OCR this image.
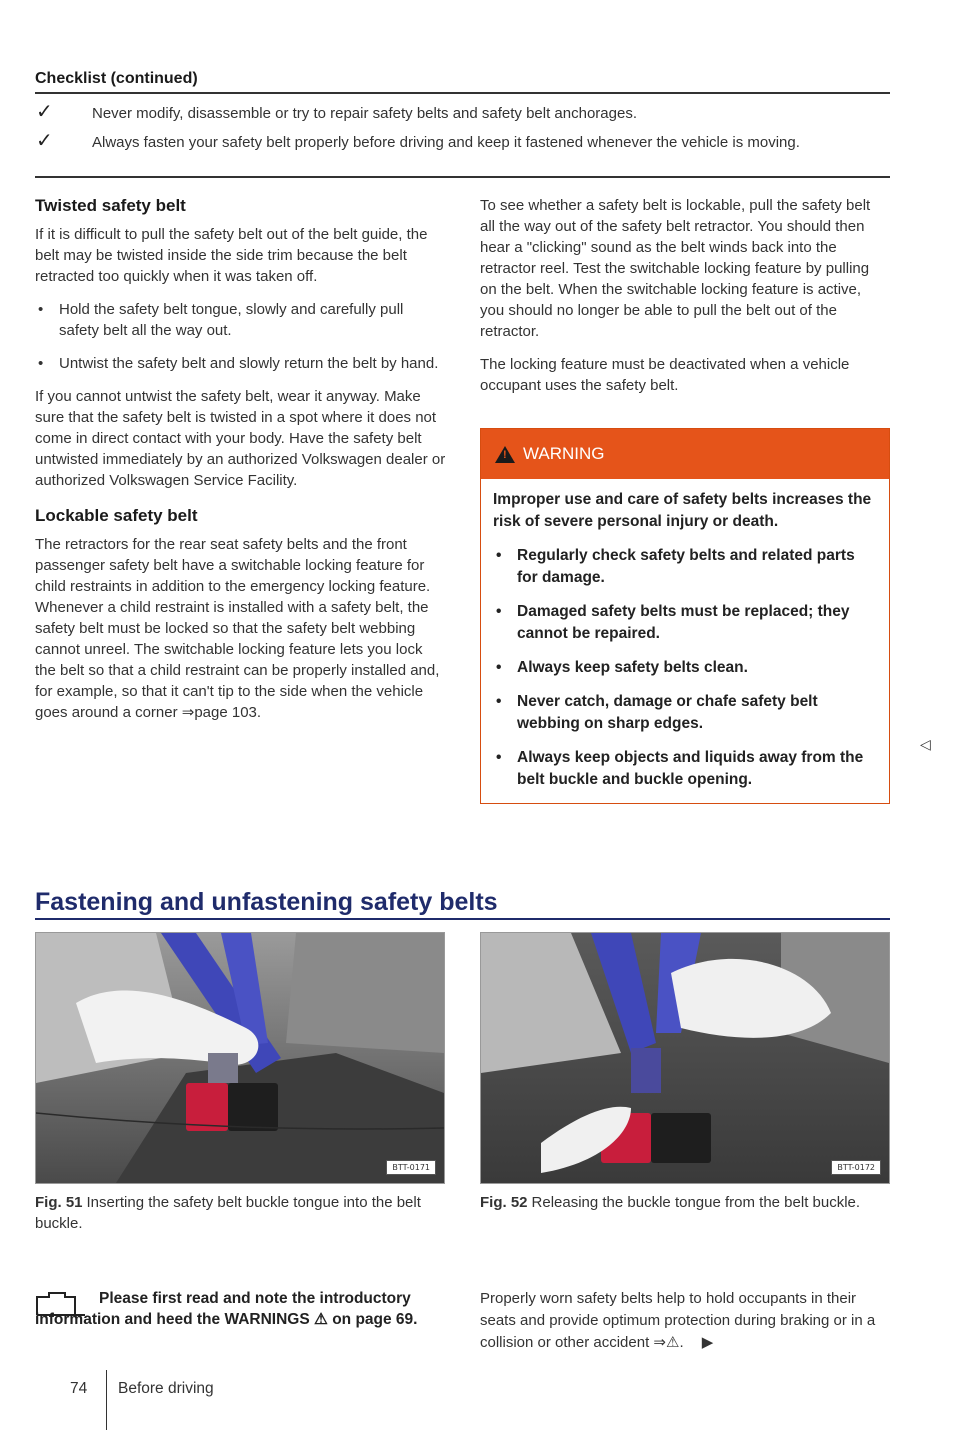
Checklist (continued)
✓	Never modify, disassemble or try to repair safety belts and safety belt anchorages.
✓	Always fasten your safety belt properly before driving and keep it fastened whenever the vehicle is moving.
Twisted safety belt

If it is difficult to pull the safety belt out of the belt guide, the belt may be twisted inside the side trim because the belt retracted too quickly when it was taken off.

• Hold the safety belt tongue, slowly and carefully pull safety belt all the way out.

• Untwist the safety belt and slowly return the belt by hand.

If you cannot untwist the safety belt, wear it anyway. Make sure that the safety belt is twisted in a spot where it does not come in direct contact with your body. Have the safety belt untwisted immediately by an authorized Volkswagen dealer or authorized Volkswagen Service Facility.

Lockable safety belt

The retractors for the rear seat safety belts and the front passenger safety belt have a switchable locking feature for child restraints in addition to the emergency locking feature. Whenever a child restraint is installed with a safety belt, the safety belt must be locked so that the safety belt webbing cannot unreel. The switchable locking feature lets you lock the belt so that a child restraint can be properly installed and, for example, so that it can't tip to the side when the vehicle goes around a corner ⇒page 103.

To see whether a safety belt is lockable, pull the safety belt all the way out of the safety belt retractor. You should then hear a "clicking" sound as the belt winds back into the retractor reel. Test the switchable locking feature by pulling on the belt. When the switchable locking feature is active, you should no longer be able to pull the belt out of the retractor.

The locking feature must be deactivated when a vehicle occupant uses the safety belt.

! WARNING

Improper use and care of safety belts increases the risk of severe personal injury or death.

• Regularly check safety belts and related parts for damage.

• Damaged safety belts must be replaced; they cannot be repaired.

• Always keep safety belts clean.

• Never catch, damage or chafe safety belt webbing on sharp edges.

• Always keep objects and liquids away from the belt buckle and buckle opening.

◁
Fastening and unfastening safety belts
BTT-0171
Fig. 51 Inserting the safety belt buckle tongue into the belt buckle.
BTT-0172
Fig. 52 Releasing the buckle tongue from the belt buckle.
Please first read and note the introductory information and heed the WARNINGS ⚠ on page 69.
Properly worn safety belts help to hold occupants in their seats and provide optimum protection during braking or in a collision or other accident ⇒⚠. ▶
74 Before driving
